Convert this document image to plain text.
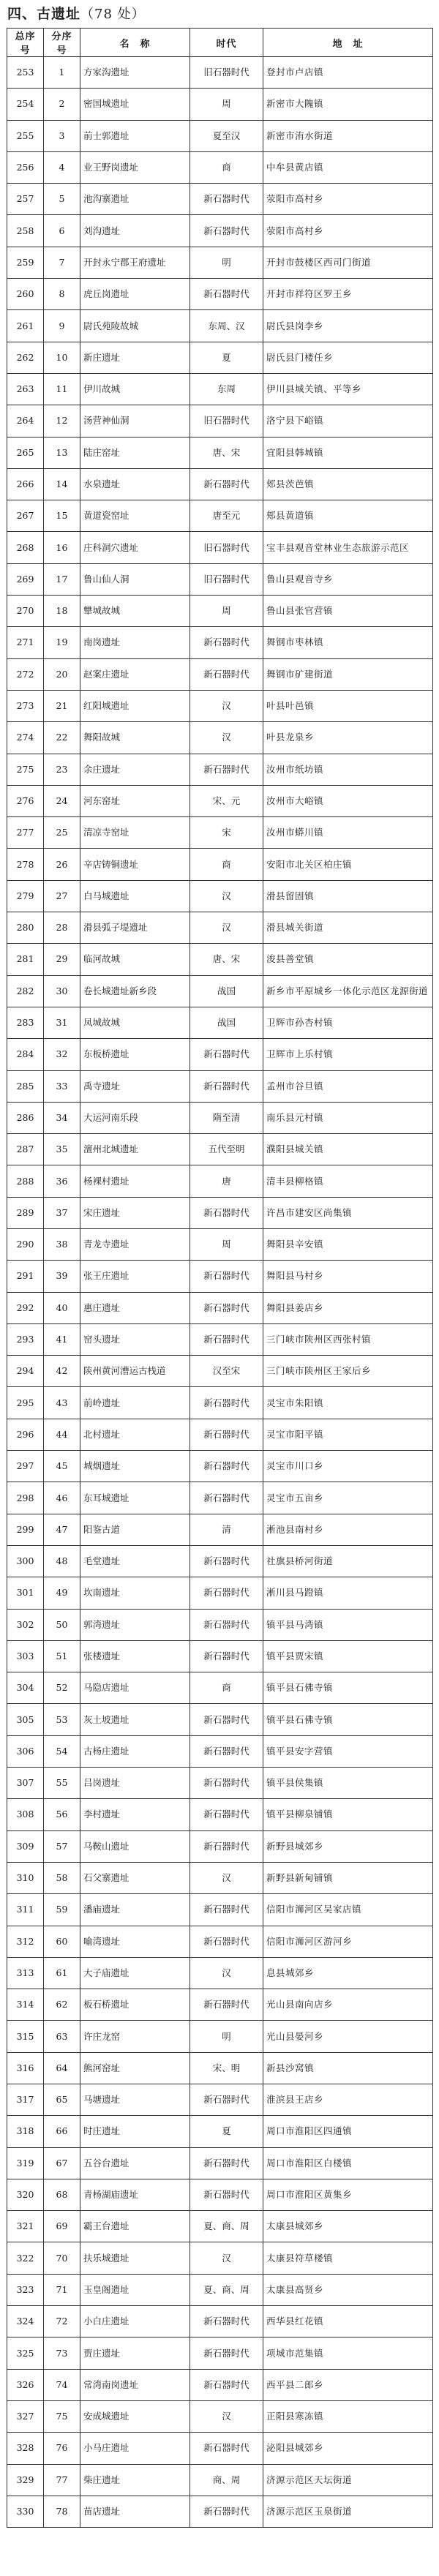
四、古遗址（78 处）
总序号	分序号	名　称	时代	地　址
253	1	方家沟遗址	旧石器时代	登封市卢店镇
254	2	密国城遗址	周	新密市大隗镇
255	3	前士郭遗址	夏至汉	新密市洧水街道
256	4	业王野岗遗址	商	中牟县黄店镇
257	5	池沟寨遗址	新石器时代	荥阳市高村乡
258	6	刘沟遗址	新石器时代	荥阳市高村乡
259	7	开封永宁郡王府遗址	明	开封市鼓楼区西司门街道
260	8	虎丘岗遗址	新石器时代	开封市祥符区罗王乡
261	9	尉氏苑陵故城	东周、汉	尉氏县岗李乡
262	10	新庄遗址	夏	尉氏县门楼任乡
263	11	伊川故城	东周	伊川县城关镇、平等乡
264	12	汤营神仙洞	旧石器时代	洛宁县下峪镇
265	13	陆庄窑址	唐、宋	宜阳县韩城镇
266	14	水泉遗址	新石器时代	郏县茨芭镇
267	15	黄道瓷窑址	唐至元	郏县黄道镇
268	16	庄科洞穴遗址	旧石器时代	宝丰县观音堂林业生态旅游示范区
269	17	鲁山仙人洞	旧石器时代	鲁山县观音寺乡
270	18	犨城故城	周	鲁山县张官营镇
271	19	南岗遗址	新石器时代	舞钢市枣林镇
272	20	赵案庄遗址	新石器时代	舞钢市矿建街道
273	21	红阳城遗址	汉	叶县叶邑镇
274	22	舞阳故城	汉	叶县龙泉乡
275	23	余庄遗址	新石器时代	汝州市纸坊镇
276	24	河东窑址	宋、元	汝州市大峪镇
277	25	清凉寺窑址	宋	汝州市蟒川镇
278	26	辛店铸铜遗址	商	安阳市北关区柏庄镇
279	27	白马城遗址	汉	滑县留固镇
280	28	滑县弧子堤遗址	汉	滑县城关街道
281	29	临河故城	唐、宋	浚县善堂镇
282	30	卷长城遗址新乡段	战国	新乡市平原城乡一体化示范区龙源街道
283	31	凤城故城	战国	卫辉市孙杏村镇
284	32	东板桥遗址	新石器时代	卫辉市上乐村镇
285	33	禹寺遗址	新石器时代	孟州市谷旦镇
286	34	大运河南乐段	隋至清	南乐县元村镇
287	35	澶州北城遗址	五代至明	濮阳县城关镇
288	36	杨裸村遗址	唐	清丰县柳格镇
289	37	宋庄遗址	新石器时代	许昌市建安区尚集镇
290	38	青龙寺遗址	周	舞阳县辛安镇
291	39	张王庄遗址	新石器时代	舞阳县马村乡
292	40	惠庄遗址	新石器时代	舞阳县姜店乡
293	41	窑头遗址	新石器时代	三门峡市陕州区西张村镇
294	42	陕州黄河漕运古栈道	汉至宋	三门峡市陕州区王家后乡
295	43	前岭遗址	新石器时代	灵宝市朱阳镇
296	44	北村遗址	新石器时代	灵宝市阳平镇
297	45	城烟遗址	新石器时代	灵宝市川口乡
298	46	东耳城遗址	新石器时代	灵宝市五亩乡
299	47	阳鉴古道	清	淅池县南村乡
300	48	毛堂遗址	新石器时代	社旗县桥河街道
301	49	坎南遗址	新石器时代	淅川县马蹬镇
302	50	郭湾遗址	新石器时代	镇平县马湾镇
303	51	张楼遗址	新石器时代	镇平县贾宋镇
304	52	马隐店遗址	商	镇平县石佛寺镇
305	53	灰土坡遗址	新石器时代	镇平县石佛寺镇
306	54	古杨庄遗址	新石器时代	镇平县安字营镇
307	55	吕岗遗址	新石器时代	镇平县侯集镇
308	56	李村遗址	新石器时代	镇平县柳泉铺镇
309	57	马鞍山遗址	新石器时代	新野县城郊乡
310	58	石父寨遗址	汉	新野县新甸铺镇
311	59	潘庙遗址	新石器时代	信阳市浉河区吴家店镇
312	60	喻湾遗址	新石器时代	信阳市浉河区游河乡
313	61	大子庙遗址	汉	息县城郊乡
314	62	板石桥遗址	新石器时代	光山县南向店乡
315	63	许庄龙窑	明	光山县晏河乡
316	64	熊河窑址	宋、明	新县沙窝镇
317	65	马塘遗址	新石器时代	淮滨县王店乡
318	66	时庄遗址	夏	周口市淮阳区四通镇
319	67	五谷台遗址	新石器时代	周口市淮阳区白楼镇
320	68	青杨湖庙遗址	新石器时代	周口市淮阳区黄集乡
321	69	霸王台遗址	夏、商、周	太康县城郊乡
322	70	扶乐城遗址	汉	太康县符草楼镇
323	71	玉皇阁遗址	夏、商、周	太康县高贤乡
324	72	小白庄遗址	新石器时代	西华县红花镇
325	73	贾庄遗址	新石器时代	项城市范集镇
326	74	常湾南岗遗址	新石器时代	西平县二郎乡
327	75	安成城遗址	汉	正阳县寒冻镇
328	76	小马庄遗址	新石器时代	泌阳县城郊乡
329	77	柴庄遗址	商、周	济源示范区天坛街道
330	78	苗店遗址	新石器时代	济源示范区玉泉街道
